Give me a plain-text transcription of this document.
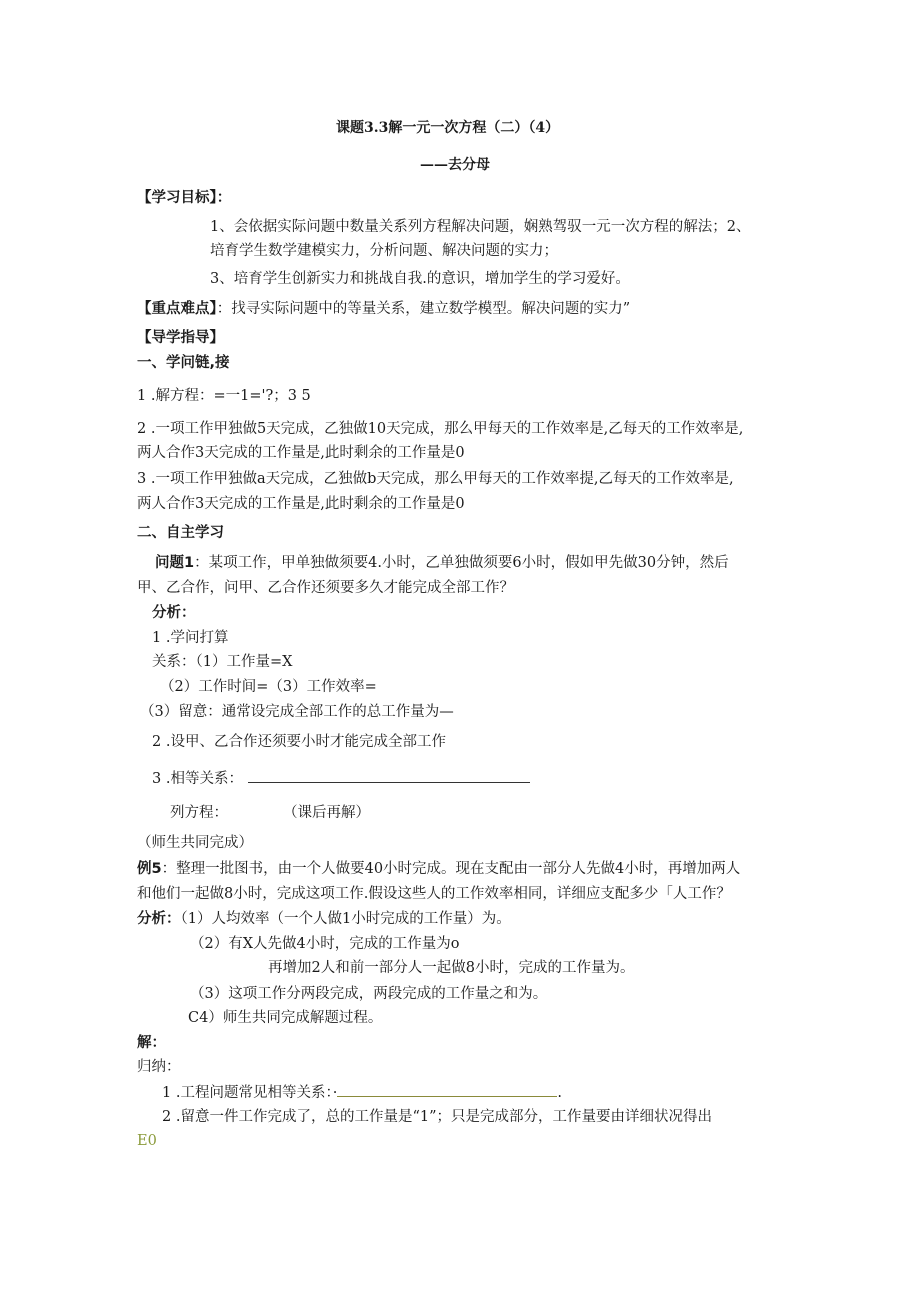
课题3.3解一元一次方程（二）（4）
——去分母
【学习目标】：
1、会依据实际问题中数量关系列方程解决问题，娴熟驾驭一元一次方程的解法；2、
培育学生数学建模实力，分析问题、解决问题的实力；
3、培育学生创新实力和挑战自我.的意识，增加学生的学习爱好。
【重点难点】：找寻实际问题中的等量关系，建立数学模型。解决问题的实力”
【导学指导】
一、学问链,接
1 .解方程：=一1='?；3 5
2 .一项工作甲独做5天完成，乙独做10天完成，那么甲每天的工作效率是,乙每天的工作效率是,
两人合作3天完成的工作量是,此时剩余的工作量是0
3 .一项工作甲独做a天完成，乙独做b天完成，那么甲每天的工作效率提,乙每天的工作效率是,
两人合作3天完成的工作量是,此时剩余的工作量是0
二、自主学习
问题1：某项工作，甲单独做须要4.小时，乙单独做须要6小时，假如甲先做30分钟，然后
甲、乙合作，问甲、乙合作还须要多久才能完成全部工作？
分析：
1 .学问打算
关系：（1）工作量=X
（2）工作时间=（3）工作效率=
（3）留意：通常设完成全部工作的总工作量为—
2 .设甲、乙合作还须要小时才能完成全部工作
3 .相等关系：
列方程：	（课后再解）
（师生共同完成）
例5：整理一批图书，由一个人做要40小时完成。现在支配由一部分人先做4小时，再增加两人
和他们一起做8小时，完成这项工作.假设这些人的工作效率相同，详细应支配多少「人工作？
分析：（1）人均效率（一个人做1小时完成的工作量）为。
（2）有X人先做4小时，完成的工作量为o
再增加2人和前一部分人一起做8小时，完成的工作量为。
（3）这项工作分两段完成，两段完成的工作量之和为。
C4）师生共同完成解题过程。
解：
归纳：
1 .工程问题常见相等关系：·	.
2 .留意一件工作完成了，总的工作量是“1”；只是完成部分，工作量要由详细状况得出
E0
